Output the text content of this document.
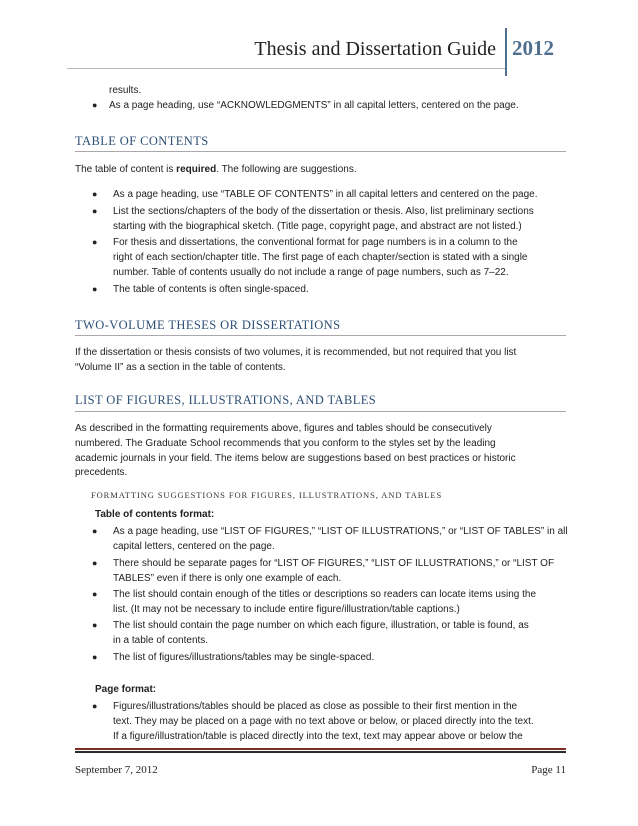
Thesis and Dissertation Guide 2012
results.
● As a page heading, use “ACKNOWLEDGMENTS” in all capital letters, centered on the page.
TABLE OF CONTENTS
The table of content is required. The following are suggestions.
● As a page heading, use “TABLE OF CONTENTS” in all capital letters and centered on the page.
● List the sections/chapters of the body of the dissertation or thesis. Also, list preliminary sections
starting with the biographical sketch. (Title page, copyright page, and abstract are not listed.)
● For thesis and dissertations, the conventional format for page numbers is in a column to the
right of each section/chapter title. The first page of each chapter/section is stated with a single
number. Table of contents usually do not include a range of page numbers, such as 7–22.
● The table of contents is often single-spaced.
TWO-VOLUME THESES OR DISSERTATIONS
If the dissertation or thesis consists of two volumes, it is recommended, but not required that you list
“Volume II” as a section in the table of contents.
LIST OF FIGURES, ILLUSTRATIONS, AND TABLES
As described in the formatting requirements above, figures and tables should be consecutively
numbered. The Graduate School recommends that you conform to the styles set by the leading
academic journals in your field. The items below are suggestions based on best practices or historic
precedents.
FORMATTING SUGGESTIONS FOR FIGURES, ILLUSTRATIONS, AND TABLES
Table of contents format:
● As a page heading, use “LIST OF FIGURES,” “LIST OF ILLUSTRATIONS,” or “LIST OF TABLES” in all
capital letters, centered on the page.
● There should be separate pages for “LIST OF FIGURES,” “LIST OF ILLUSTRATIONS,” or “LIST OF
TABLES” even if there is only one example of each.
● The list should contain enough of the titles or descriptions so readers can locate items using the
list. (It may not be necessary to include entire figure/illustration/table captions.)
● The list should contain the page number on which each figure, illustration, or table is found, as
in a table of contents.
● The list of figures/illustrations/tables may be single-spaced.
Page format:
● Figures/illustrations/tables should be placed as close as possible to their first mention in the
text. They may be placed on a page with no text above or below, or placed directly into the text.
If a figure/illustration/table is placed directly into the text, text may appear above or below the
September 7, 2012	Page 11
